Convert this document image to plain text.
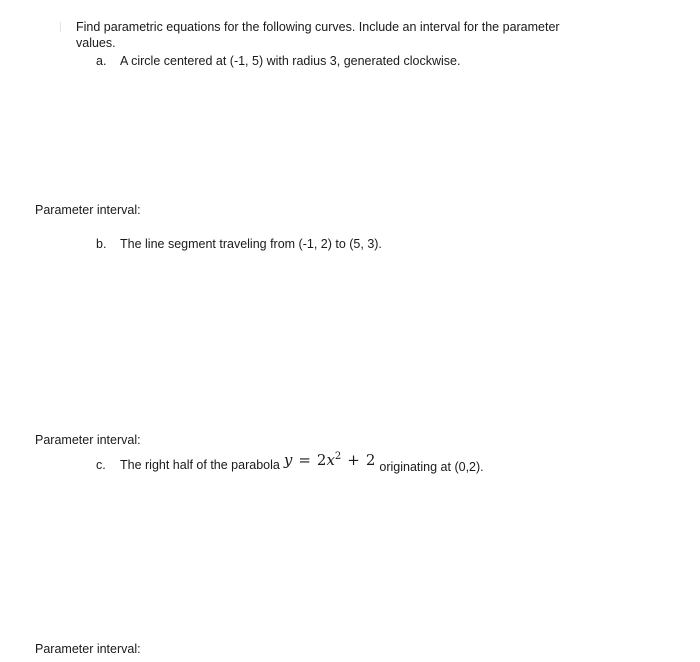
Find parametric equations for the following curves. Include an interval for the parameter values.
a. A circle centered at (-1, 5) with radius 3, generated clockwise.
Parameter interval:
b. The line segment traveling from (-1, 2) to (5, 3).
Parameter interval:
c.	The right half of the parabola $y = 2x^2 + 2$ originating at (0,2).
Parameter interval:
